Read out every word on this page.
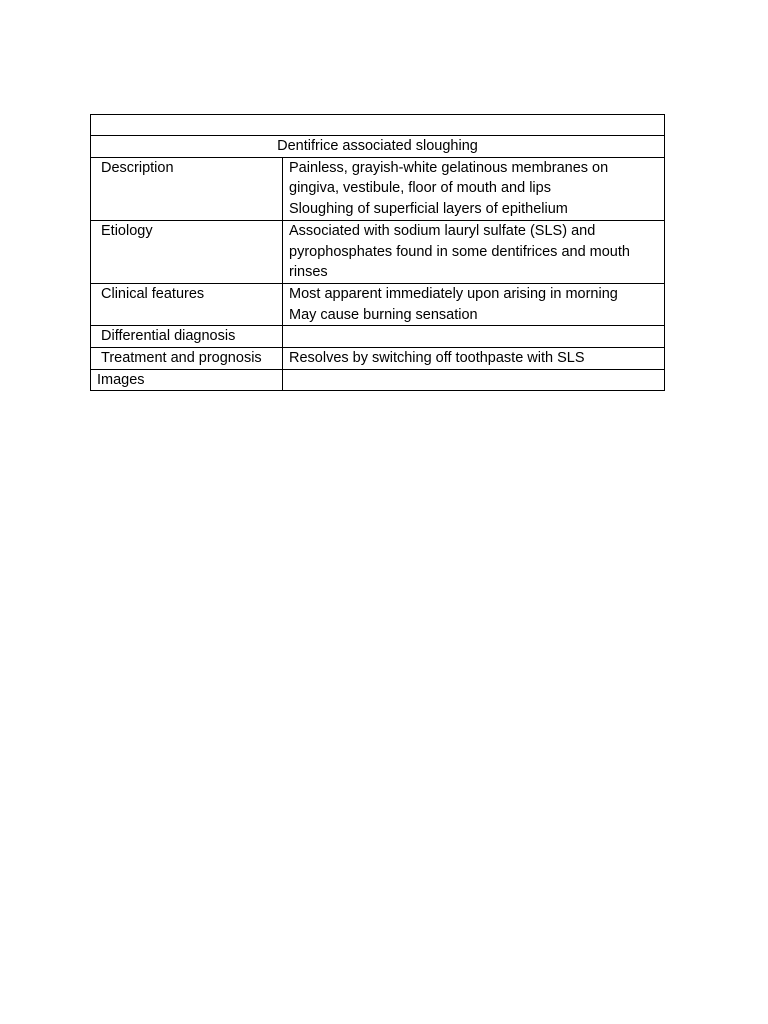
Dentifrice associated sloughing	
Description	Painless, grayish-white gelatinous membranes on gingiva, vestibule, floor of mouth and lips
Sloughing of superficial layers of epithelium

Etiology	Associated with sodium lauryl sulfate (SLS) and pyrophosphates found in some dentifrices and mouth rinses

Clinical features	Most apparent immediately upon arising in morning
May cause burning sensation

Differential diagnosis	

Treatment and prognosis	Resolves by switching off toothpaste with SLS

Images	
